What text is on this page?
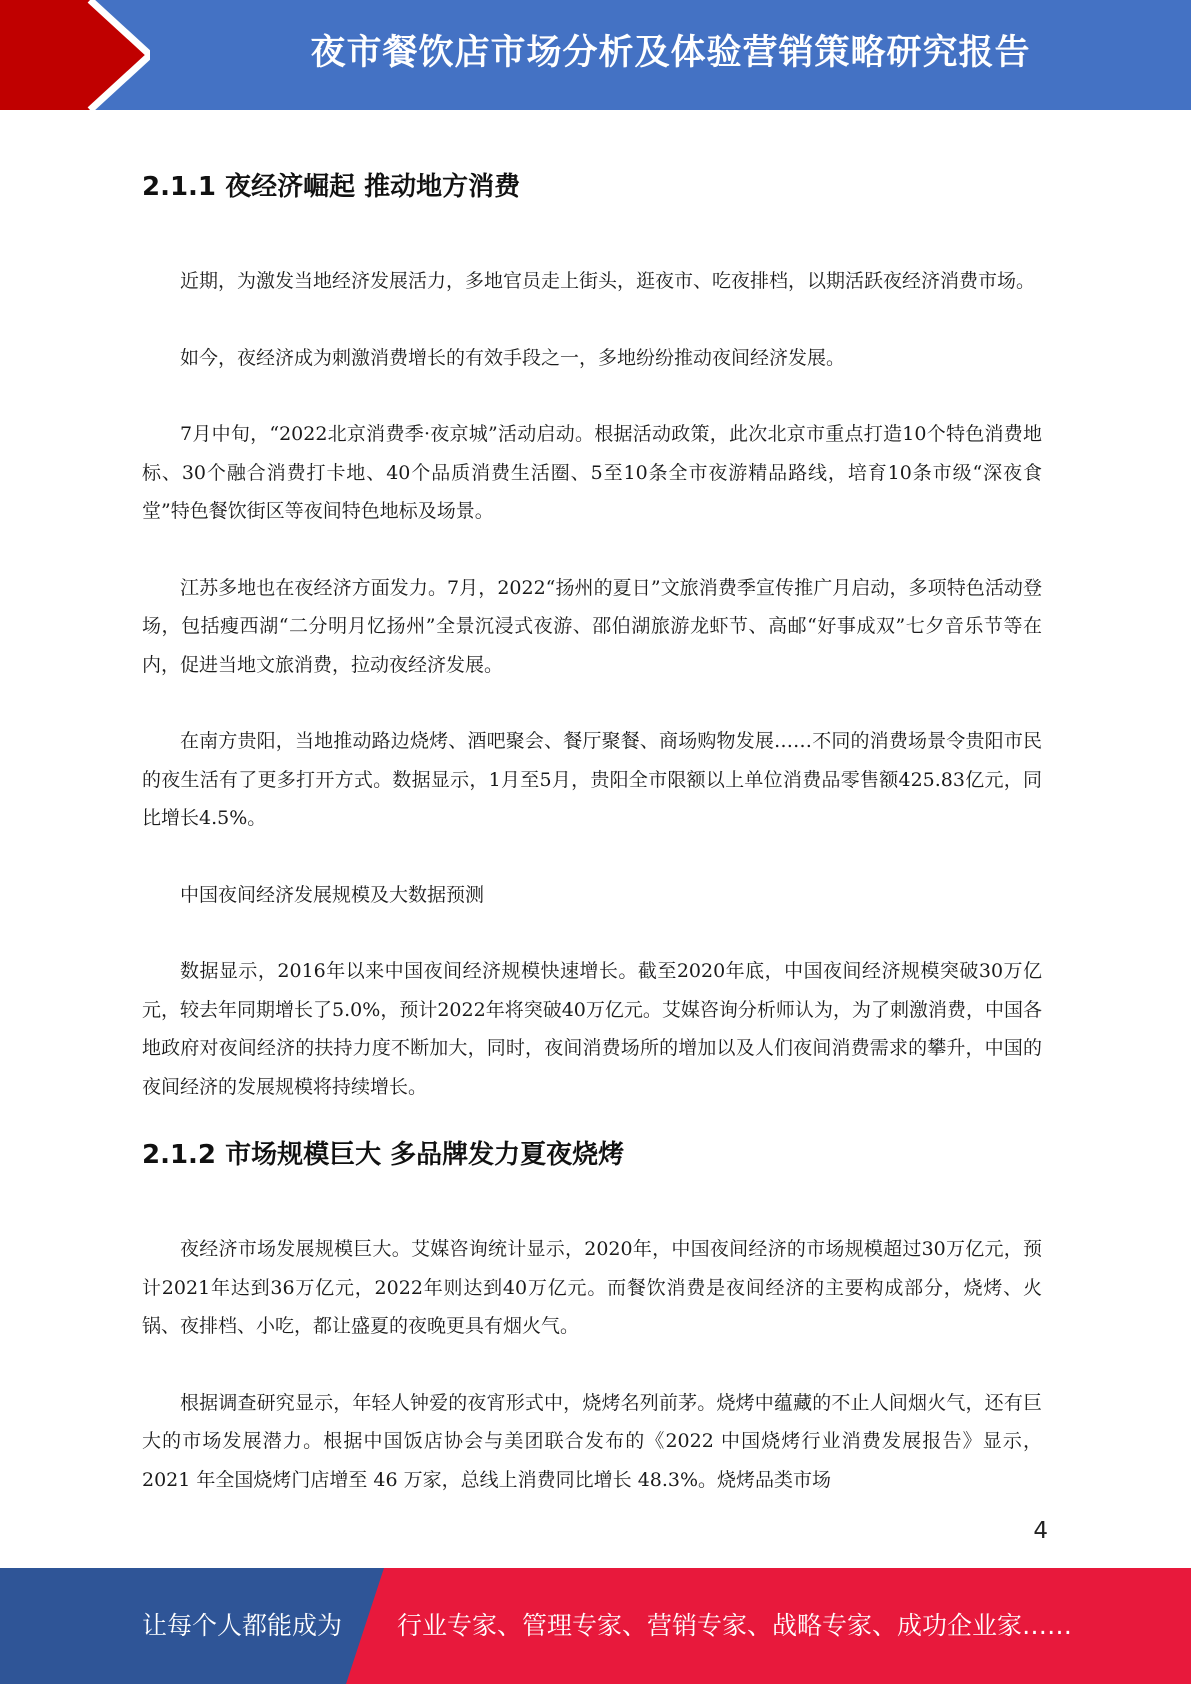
夜市餐饮店市场分析及体验营销策略研究报告
2.1.1 夜经济崛起 推动地方消费

近期，为激发当地经济发展活力，多地官员走上街头，逛夜市、吃夜排档，以期活跃夜经济消费市场。

如今，夜经济成为刺激消费增长的有效手段之一，多地纷纷推动夜间经济发展。

7月中旬，“2022北京消费季·夜京城”活动启动。根据活动政策，此次北京市重点打造10个特色消费地标、30个融合消费打卡地、40个品质消费生活圈、5至10条全市夜游精品路线，培育10条市级“深夜食堂”特色餐饮街区等夜间特色地标及场景。

江苏多地也在夜经济方面发力。7月，2022“扬州的夏日”文旅消费季宣传推广月启动，多项特色活动登场，包括瘦西湖“二分明月忆扬州”全景沉浸式夜游、邵伯湖旅游龙虾节、高邮“好事成双”七夕音乐节等在内，促进当地文旅消费，拉动夜经济发展。

在南方贵阳，当地推动路边烧烤、酒吧聚会、餐厅聚餐、商场购物发展……不同的消费场景令贵阳市民的夜生活有了更多打开方式。数据显示，1月至5月，贵阳全市限额以上单位消费品零售额425.83亿元，同比增长4.5%。

中国夜间经济发展规模及大数据预测

数据显示，2016年以来中国夜间经济规模快速增长。截至2020年底，中国夜间经济规模突破30万亿元，较去年同期增长了5.0%，预计2022年将突破40万亿元。艾媒咨询分析师认为，为了刺激消费，中国各地政府对夜间经济的扶持力度不断加大，同时，夜间消费场所的增加以及人们夜间消费需求的攀升，中国的夜间经济的发展规模将持续增长。

2.1.2 市场规模巨大 多品牌发力夏夜烧烤

夜经济市场发展规模巨大。艾媒咨询统计显示，2020年，中国夜间经济的市场规模超过30万亿元，预计2021年达到36万亿元，2022年则达到40万亿元。而餐饮消费是夜间经济的主要构成部分，烧烤、火锅、夜排档、小吃，都让盛夏的夜晚更具有烟火气。

根据调查研究显示，年轻人钟爱的夜宵形式中，烧烤名列前茅。烧烤中蕴藏的不止人间烟火气，还有巨大的市场发展潜力。根据中国饭店协会与美团联合发布的《2022 中国烧烤行业消费发展报告》显示，2021 年全国烧烤门店增至 46 万家，总线上消费同比增长 48.3%。烧烤品类市场

4
让每个人都能成为 行业专家、管理专家、营销专家、战略专家、成功企业家……
